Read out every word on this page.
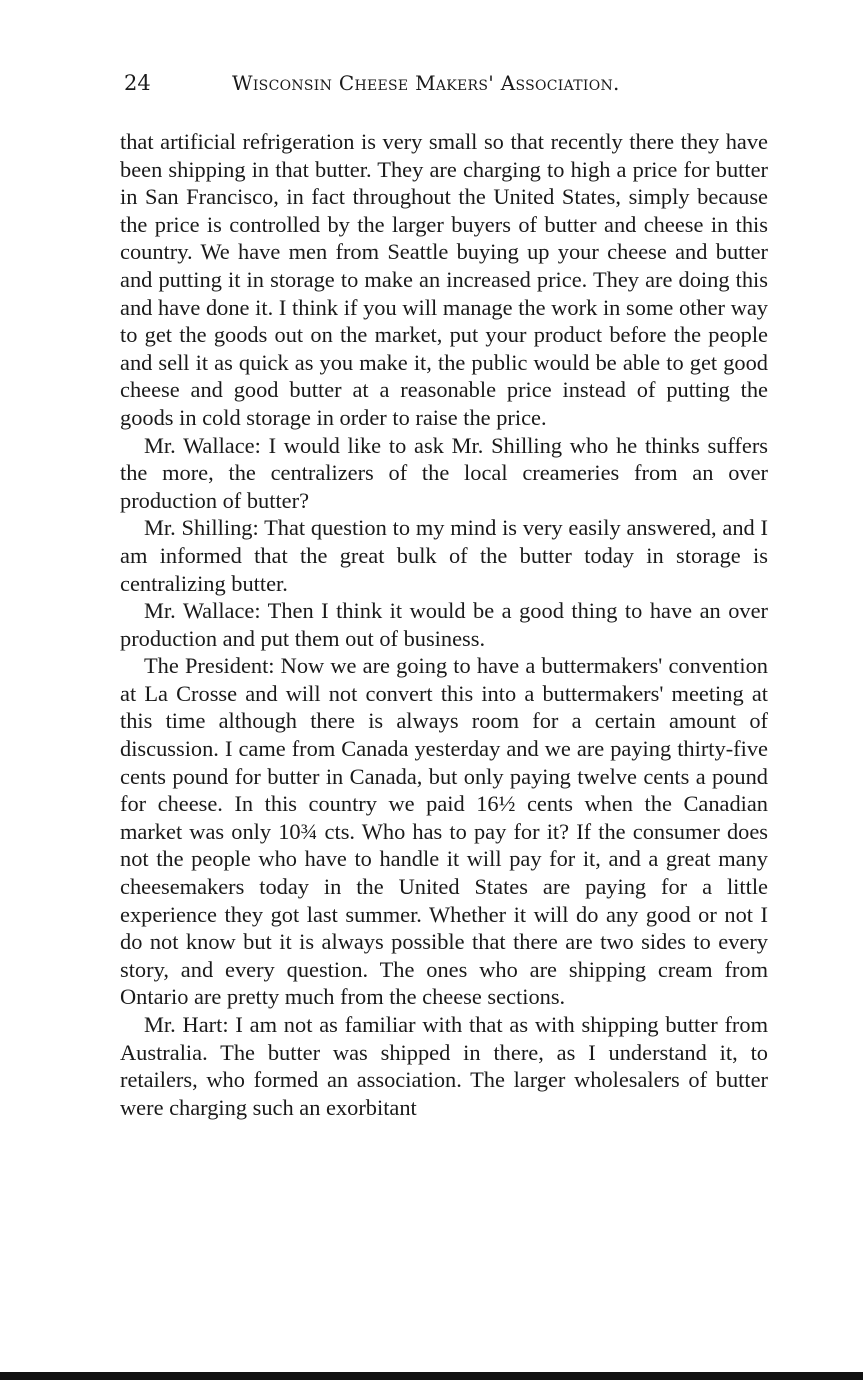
24	Wisconsin Cheese Makers' Association.

that artificial refrigeration is very small so that recently there they have been shipping in that butter. They are charging to high a price for butter in San Francisco, in fact throughout the United States, simply because the price is controlled by the larger buyers of butter and cheese in this country. We have men from Seattle buying up your cheese and butter and putting it in storage to make an increased price. They are doing this and have done it. I think if you will manage the work in some other way to get the goods out on the market, put your product before the people and sell it as quick as you make it, the public would be able to get good cheese and good butter at a reasonable price instead of putting the goods in cold storage in order to raise the price.

Mr. Wallace: I would like to ask Mr. Shilling who he thinks suffers the more, the centralizers of the local creameries from an over production of butter?

Mr. Shilling: That question to my mind is very easily answered, and I am informed that the great bulk of the butter today in storage is centralizing butter.

Mr. Wallace: Then I think it would be a good thing to have an over production and put them out of business.

The President: Now we are going to have a buttermakers' convention at La Crosse and will not convert this into a buttermakers' meeting at this time although there is always room for a certain amount of discussion. I came from Canada yesterday and we are paying thirty-five cents pound for butter in Canada, but only paying twelve cents a pound for cheese. In this country we paid 16½ cents when the Canadian market was only 10¾ cts. Who has to pay for it? If the consumer does not the people who have to handle it will pay for it, and a great many cheesemakers today in the United States are paying for a little experience they got last summer. Whether it will do any good or not I do not know but it is always possible that there are two sides to every story, and every question. The ones who are shipping cream from Ontario are pretty much from the cheese sections.

Mr. Hart: I am not as familiar with that as with shipping butter from Australia. The butter was shipped in there, as I understand it, to retailers, who formed an association. The larger wholesalers of butter were charging such an exorbitant
